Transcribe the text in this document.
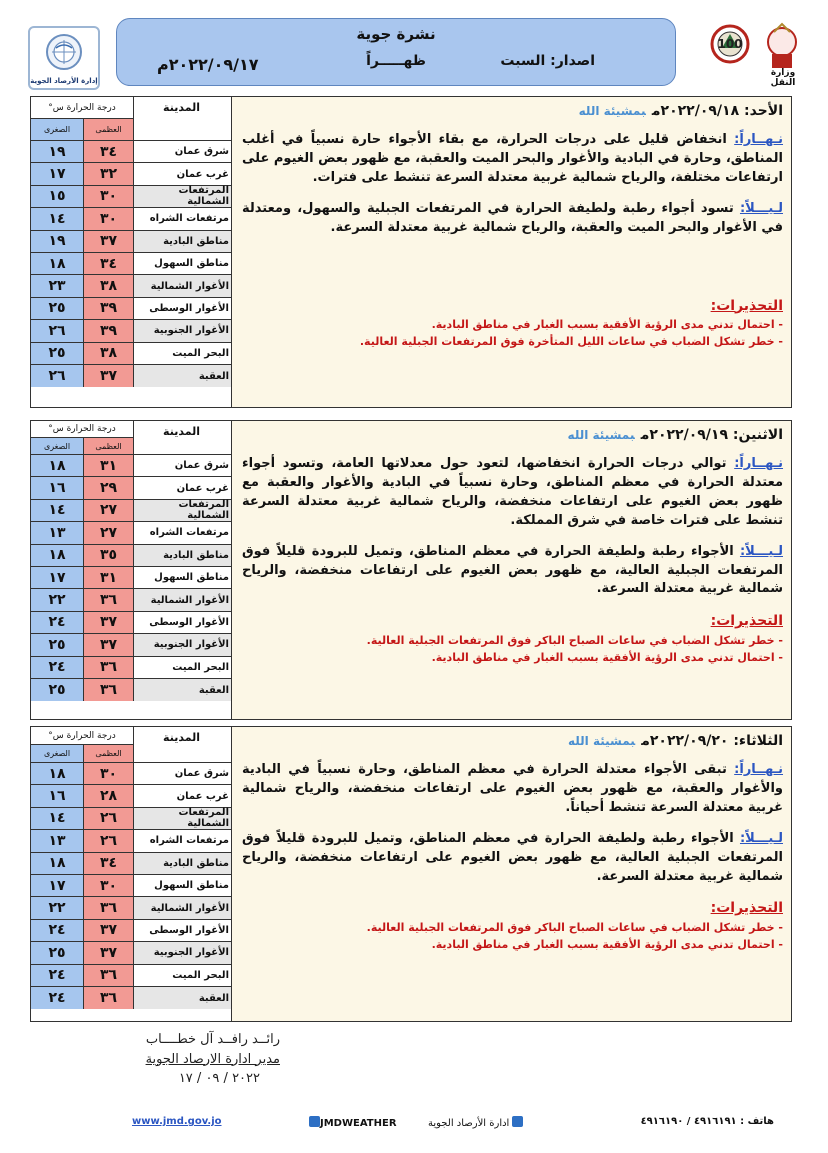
إدارة الأرصاد الجوية
نشرة جوية
اصدار: السبت
ظهـــــراً
٢٠٢٢/٠٩/١٧م
100
وزارة النقل
المدينة
درجة الحرارة س°
العظمى
الصغرى
شرق عمان
٣٤
١٩
غرب عمان
٣٢
١٧
المرتفعات الشمالية
٣٠
١٥
مرتفعات الشراه
٣٠
١٤
مناطق البادية
٣٧
١٩
مناطق السهول
٣٤
١٨
الأغوار الشمالية
٣٨
٢٣
الأغوار الوسطى
٣٩
٢٥
الأغوار الجنوبية
٣٩
٢٦
البحر الميت
٣٨
٢٥
العقبة
٣٧
٢٦
الأحد: ٢٠٢٢/٠٩/١٨مبمشيئة الله
نـهــاراً: انخفاض قليل على درجات الحرارة، مع بقاء الأجواء حارة نسبياً في أغلب المناطق، وحارة في البادية والأغوار والبحر الميت والعقبة، مع ظهور بعض الغيوم على ارتفاعات مختلفة، والرياح شمالية غربية معتدلة السرعة تنشط على فترات.
لـيـــلاً: تسود أجواء رطبة ولطيفة الحرارة في المرتفعات الجبلية والسهول، ومعتدلة في الأغوار والبحر الميت والعقبة، والرياح شمالية غربية معتدلة السرعة.
التحذيرات:
- احتمال تدني مدى الرؤية الأفقية بسبب الغبار في مناطق البادية.
- خطر تشكل الضباب في ساعات الليل المتأخرة فوق المرتفعات الجبلية العالية.
المدينة
درجة الحرارة س°
العظمى
الصغرى
شرق عمان
٣١
١٨
غرب عمان
٢٩
١٦
المرتفعات الشمالية
٢٧
١٤
مرتفعات الشراه
٢٧
١٣
مناطق البادية
٣٥
١٨
مناطق السهول
٣١
١٧
الأغوار الشمالية
٣٦
٢٢
الأغوار الوسطى
٣٧
٢٤
الأغوار الجنوبية
٣٧
٢٥
البحر الميت
٣٦
٢٤
العقبة
٣٦
٢٥
الاثنين: ٢٠٢٢/٠٩/١٩مبمشيئة الله
نـهــاراً: توالي درجات الحرارة انخفاضها، لتعود حول معدلاتها العامة، وتسود أجواء معتدلة الحرارة في معظم المناطق، وحارة نسبياً في البادية والأغوار والعقبة مع ظهور بعض الغيوم على ارتفاعات منخفضة، والرياح شمالية غربية معتدلة السرعة تنشط على فترات خاصة في شرق المملكة.
لـيـــلاً: الأجواء رطبة ولطيفة الحرارة في معظم المناطق، وتميل للبرودة قليلاً فوق المرتفعات الجبلية العالية، مع ظهور بعض الغيوم على ارتفاعات منخفضة، والرياح شمالية غربية معتدلة السرعة.
التحذيرات:
- خطر تشكل الضباب في ساعات الصباح الباكر فوق المرتفعات الجبلية العالية.
- احتمال تدني مدى الرؤية الأفقية بسبب الغبار في مناطق البادية.
المدينة
درجة الحرارة س°
العظمى
الصغرى
شرق عمان
٣٠
١٨
غرب عمان
٢٨
١٦
المرتفعات الشمالية
٢٦
١٤
مرتفعات الشراه
٢٦
١٣
مناطق البادية
٣٤
١٨
مناطق السهول
٣٠
١٧
الأغوار الشمالية
٣٦
٢٢
الأغوار الوسطى
٣٧
٢٤
الأغوار الجنوبية
٣٧
٢٥
البحر الميت
٣٦
٢٤
العقبة
٣٦
٢٤
الثلاثاء: ٢٠٢٢/٠٩/٢٠مبمشيئة الله
نـهــاراً: تبقى الأجواء معتدلة الحرارة في معظم المناطق، وحارة نسبياً في البادية والأغوار والعقبة، مع ظهور بعض الغيوم على ارتفاعات منخفضة، والرياح شمالية غربية معتدلة السرعة تنشط أحياناً.
لـيـــلاً: الأجواء رطبة ولطيفة الحرارة في معظم المناطق، وتميل للبرودة قليلاً فوق المرتفعات الجبلية العالية، مع ظهور بعض الغيوم على ارتفاعات منخفضة، والرياح شمالية غربية معتدلة السرعة.
التحذيرات:
- خطر تشكل الضباب في ساعات الصباح الباكر فوق المرتفعات الجبلية العالية.
- احتمال تدني مدى الرؤية الأفقية بسبب الغبار في مناطق البادية.
رائــد رافــد آل خطــــاب
مدير ادارة الارصاد الجوية
٢٠٢٢ / ٠٩ / ١٧
www.jmd.gov.jo	JMDWEATHER	ادارة الأرصاد الجوية	هاتف : ٤٩١٦١٩١ / ٤٩١٦١٩٠
